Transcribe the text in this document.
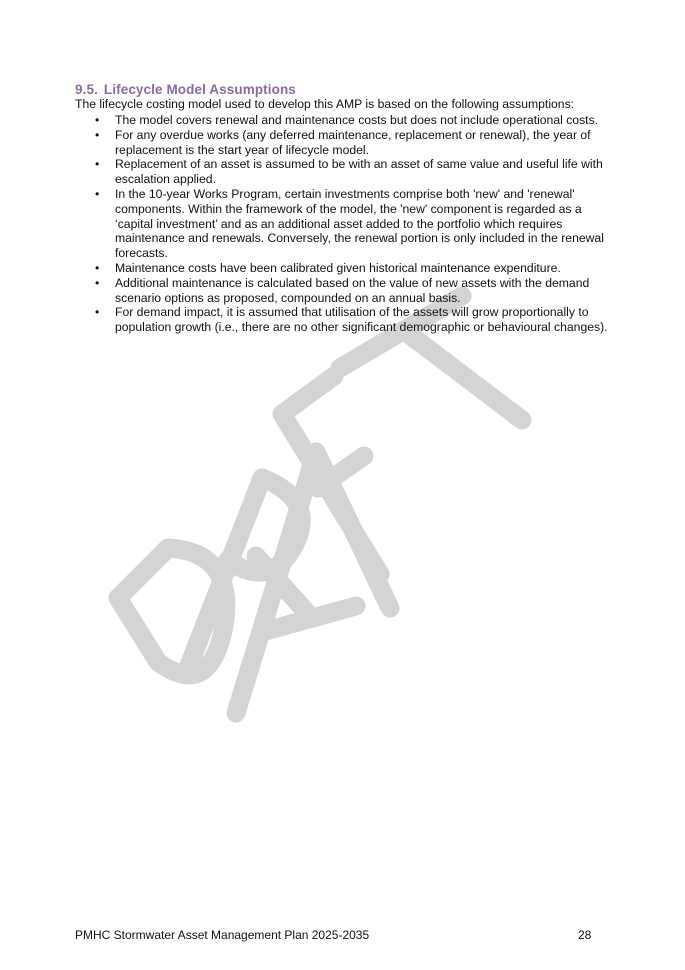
9.5. Lifecycle Model Assumptions
The lifecycle costing model used to develop this AMP is based on the following assumptions:
• The model covers renewal and maintenance costs but does not include operational costs.
• For any overdue works (any deferred maintenance, replacement or renewal), the year of replacement is the start year of lifecycle model.
• Replacement of an asset is assumed to be with an asset of same value and useful life with escalation applied.
• In the 10-year Works Program, certain investments comprise both 'new' and 'renewal' components. Within the framework of the model, the 'new' component is regarded as a ‘capital investment’ and as an additional asset added to the portfolio which requires maintenance and renewals. Conversely, the renewal portion is only included in the renewal forecasts.
• Maintenance costs have been calibrated given historical maintenance expenditure.
• Additional maintenance is calculated based on the value of new assets with the demand scenario options as proposed, compounded on an annual basis.
• For demand impact, it is assumed that utilisation of the assets will grow proportionally to population growth (i.e., there are no other significant demographic or behavioural changes).
PMHC Stormwater Asset Management Plan 2025-2035	28
